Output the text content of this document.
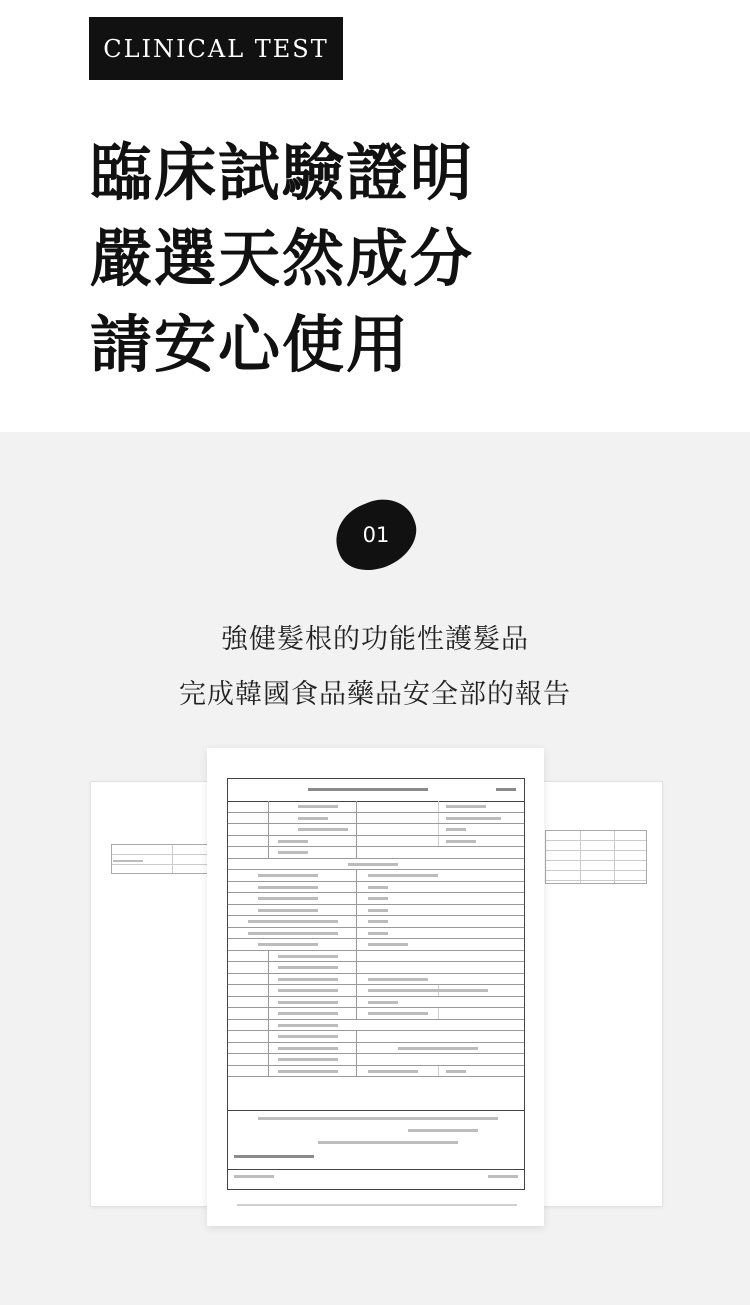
CLINICAL TEST
臨床試驗證明
嚴選天然成分
請安心使用
01
強健髮根的功能性護髮品
完成韓國食品藥品安全部的報告
